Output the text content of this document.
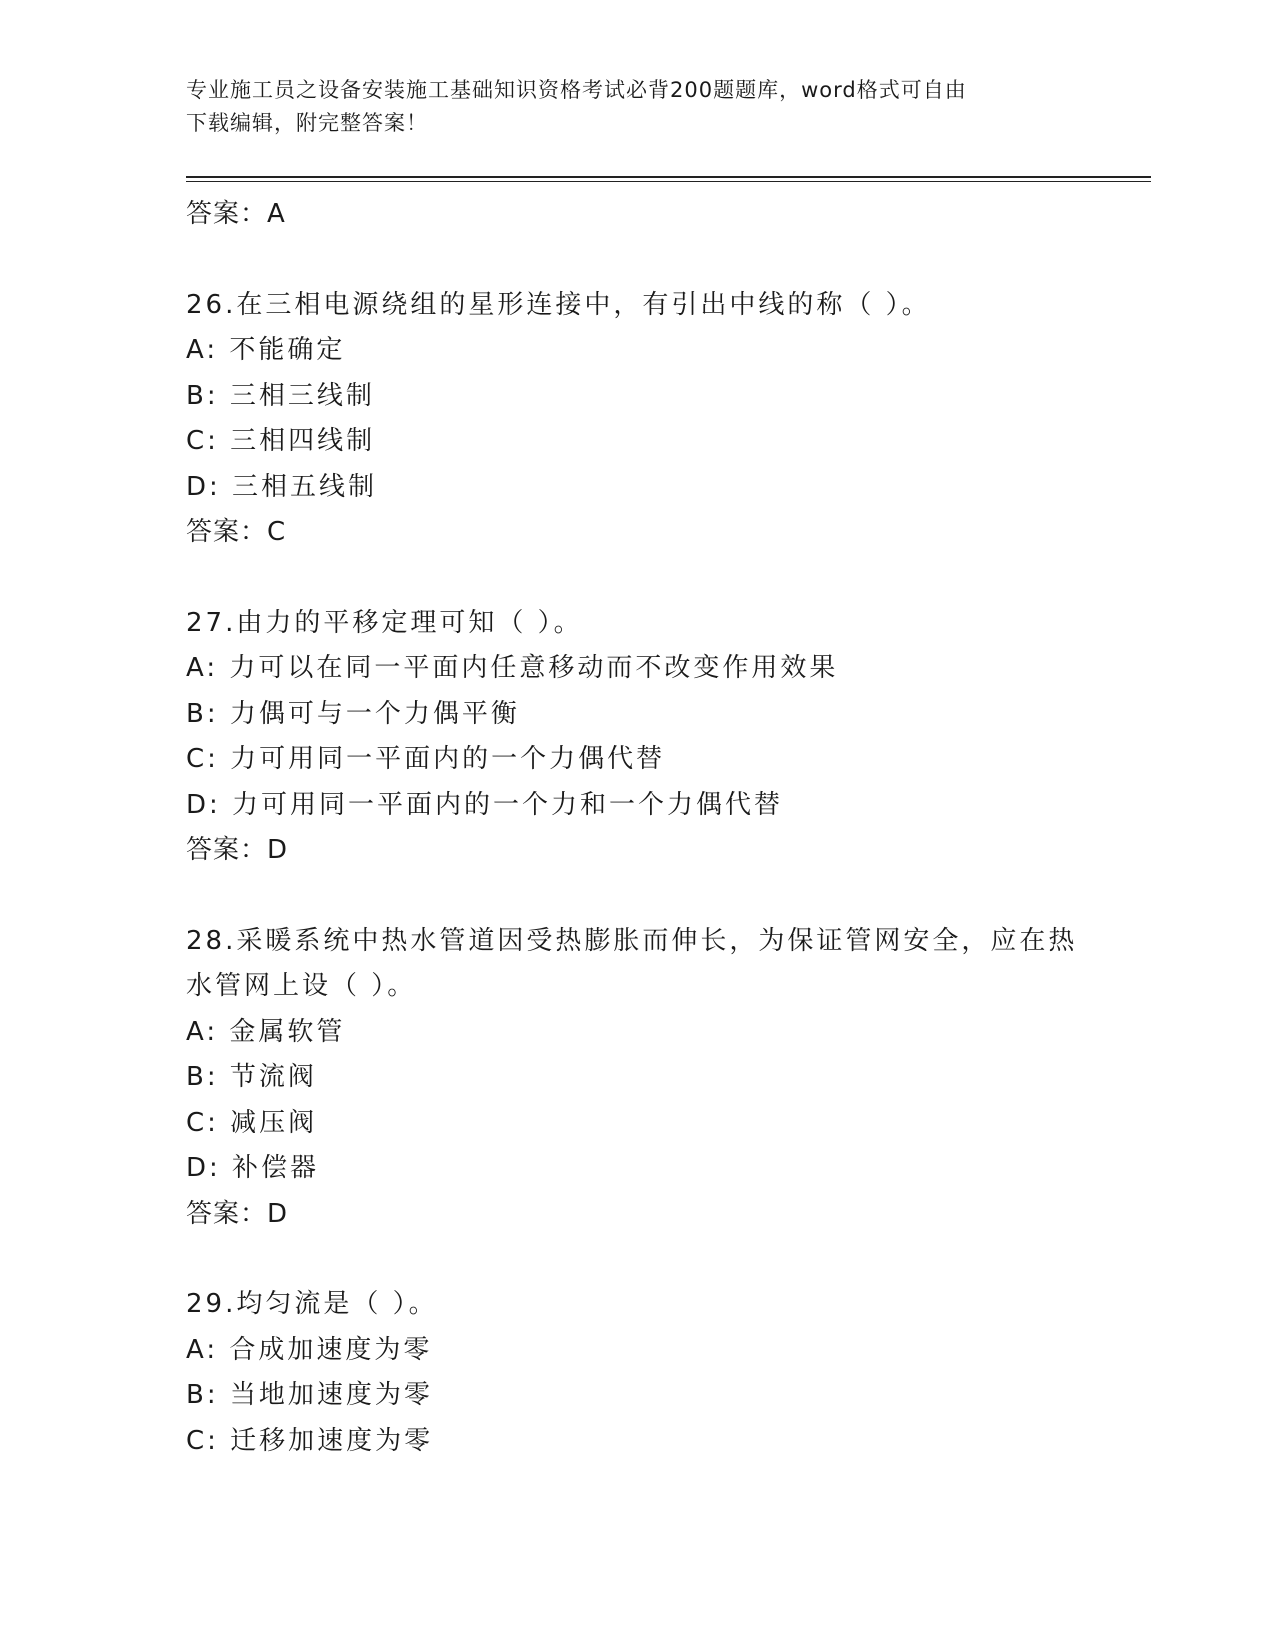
专业施工员之设备安装施工基础知识资格考试必背200题题库，word格式可自由
下载编辑，附完整答案！
答案：A
26.在三相电源绕组的星形连接中，有引出中线的称（ ）。
A: 不能确定
B: 三相三线制
C: 三相四线制
D: 三相五线制
答案：C
27.由力的平移定理可知（ ）。
A: 力可以在同一平面内任意移动而不改变作用效果
B: 力偶可与一个力偶平衡
C: 力可用同一平面内的一个力偶代替
D: 力可用同一平面内的一个力和一个力偶代替
答案：D
28.采暖系统中热水管道因受热膨胀而伸长，为保证管网安全，应在热
水管网上设（ ）。
A: 金属软管
B: 节流阀
C: 减压阀
D: 补偿器
答案：D
29.均匀流是（ ）。
A: 合成加速度为零
B: 当地加速度为零
C: 迁移加速度为零
